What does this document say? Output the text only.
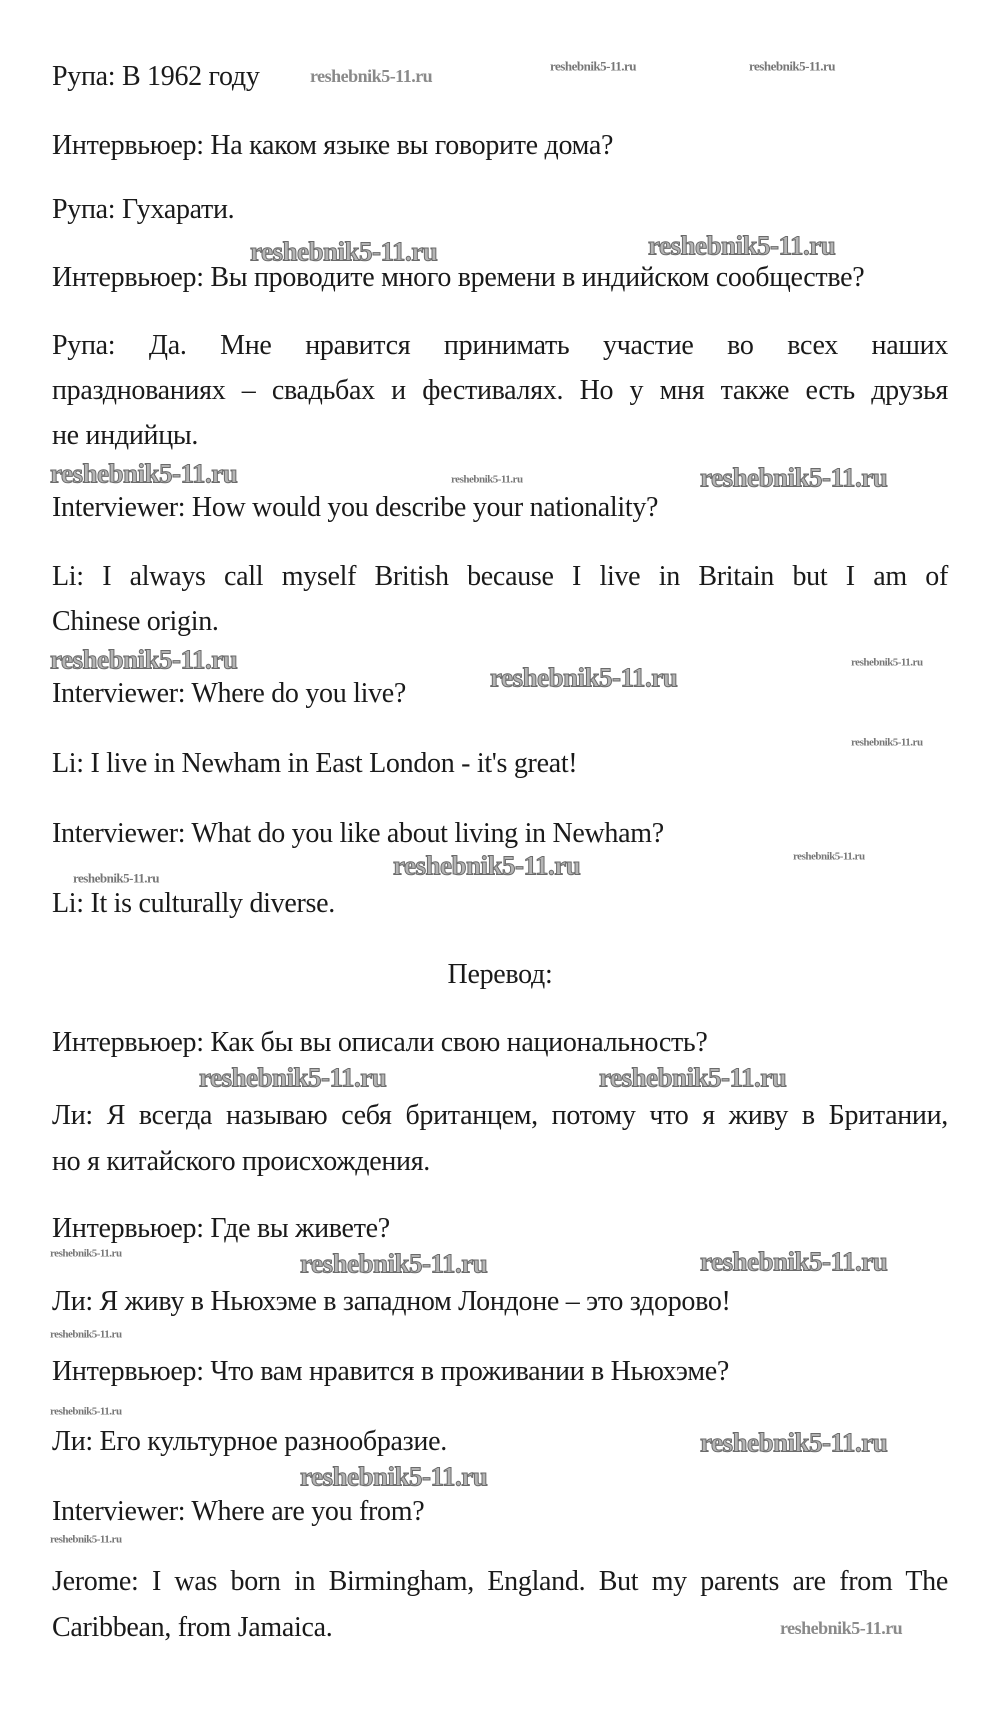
Рупа: В 1962 году
Интервьюер: На каком языке вы говорите дома?
Рупа: Гухарати.
Интервьюер: Вы проводите много времени в индийском сообществе?
Рупа: Да. Мне нравится принимать участие во всех наших
празднованиях – свадьбах и фестивалях. Но у мня также есть друзья
не индийцы.
Interviewer: How would you describe your nationality?
Li: I always call myself British because I live in Britain but I am of
Chinese origin.
Interviewer: Where do you live?
Li: I live in Newham in East London - it's great!
Interviewer: What do you like about living in Newham?
Li: It is culturally diverse.
Перевод:
Интервьюер: Как бы вы описали свою национальность?
Ли: Я всегда называю себя британцем, потому что я живу в Британии,
но я китайского происхождения.
Интервьюер: Где вы живете?
Ли: Я живу в Ньюхэме в западном Лондоне – это здорово!
Интервьюер: Что вам нравится в проживании в Ньюхэме?
Ли: Его культурное разнообразие.
Interviewer: Where are you from?
Jerome: I was born in Birmingham, England. But my parents are from The
Caribbean, from Jamaica.
reshebnik5-11.ru	reshebnik5-11.ru	reshebnik5-11.ru
reshebnik5-11.ru	reshebnik5-11.ru
reshebnik5-11.ru	reshebnik5-11.ru	reshebnik5-11.ru
reshebnik5-11.ru
reshebnik5-11.ru	reshebnik5-11.ru
reshebnik5-11.ru
reshebnik5-11.ru
reshebnik5-11.ru
reshebnik5-11.ru
reshebnik5-11.ru	reshebnik5-11.ru
reshebnik5-11.ru	reshebnik5-11.ru	reshebnik5-11.ru
reshebnik5-11.ru
reshebnik5-11.ru
reshebnik5-11.ru
reshebnik5-11.ru
reshebnik5-11.ru
reshebnik5-11.ru
